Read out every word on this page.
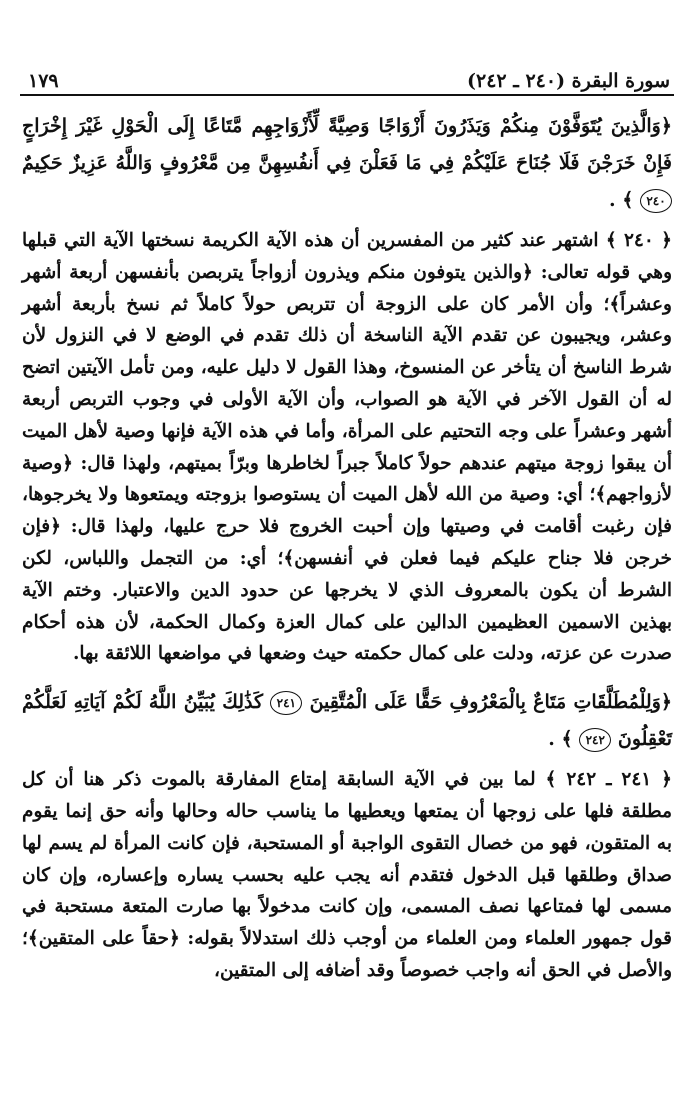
سورة البقرة (٢٤٠ ـ ٢٤٢)
١٧٩

﴿وَالَّذِينَ يُتَوَفَّوْنَ مِنكُمْ وَيَذَرُونَ أَزْوَاجًا وَصِيَّةً لِّأَزْوَاجِهِم مَّتَاعًا إِلَى الْحَوْلِ غَيْرَ إِخْرَاجٍ فَإِنْ خَرَجْنَ فَلَا جُنَاحَ عَلَيْكُمْ فِي مَا فَعَلْنَ فِي أَنفُسِهِنَّ مِن مَّعْرُوفٍ وَاللَّهُ عَزِيزٌ حَكِيمٌ ٢٤٠ ﴾ .

﴿ ٢٤٠ ﴾ اشتهر عند كثير من المفسرين أن هذه الآية الكريمة نسختها الآية التي قبلها وهي قوله تعالى: ﴿والذين يتوفون منكم ويذرون أزواجاً يتربصن بأنفسهن أربعة أشهر وعشراً﴾؛ وأن الأمر كان على الزوجة أن تتربص حولاً كاملاً ثم نسخ بأربعة أشهر وعشر، ويجيبون عن تقدم الآية الناسخة أن ذلك تقدم في الوضع لا في النزول لأن شرط الناسخ أن يتأخر عن المنسوخ، وهذا القول لا دليل عليه، ومن تأمل الآيتين اتضح له أن القول الآخر في الآية هو الصواب، وأن الآية الأولى في وجوب التربص أربعة أشهر وعشراً على وجه التحتيم على المرأة، وأما في هذه الآية فإنها وصية لأهل الميت أن يبقوا زوجة ميتهم عندهم حولاً كاملاً جبراً لخاطرها وبرّاً بميتهم، ولهذا قال: ﴿وصية لأزواجهم﴾؛ أي: وصية من الله لأهل الميت أن يستوصوا بزوجته ويمتعوها ولا يخرجوها، فإن رغبت أقامت في وصيتها وإن أحبت الخروج فلا حرج عليها، ولهذا قال: ﴿فإن خرجن فلا جناح عليكم فيما فعلن في أنفسهن﴾؛ أي: من التجمل واللباس، لكن الشرط أن يكون بالمعروف الذي لا يخرجها عن حدود الدين والاعتبار. وختم الآية بهذين الاسمين العظيمين الدالين على كمال العزة وكمال الحكمة، لأن هذه أحكام صدرت عن عزته، ودلت على كمال حكمته حيث وضعها في مواضعها اللائقة بها.

﴿وَلِلْمُطَلَّقَاتِ مَتَاعٌ بِالْمَعْرُوفِ حَقًّا عَلَى الْمُتَّقِينَ ٢٤١ كَذَٰلِكَ يُبَيِّنُ اللَّهُ لَكُمْ آيَاتِهِ لَعَلَّكُمْ تَعْقِلُونَ ٢٤٢ ﴾ .

﴿ ٢٤١ ـ ٢٤٢ ﴾ لما بين في الآية السابقة إمتاع المفارقة بالموت ذكر هنا أن كل مطلقة فلها على زوجها أن يمتعها ويعطيها ما يناسب حاله وحالها وأنه حق إنما يقوم به المتقون، فهو من خصال التقوى الواجبة أو المستحبة، فإن كانت المرأة لم يسم لها صداق وطلقها قبل الدخول فتقدم أنه يجب عليه بحسب يساره وإعساره، وإن كان مسمى لها فمتاعها نصف المسمى، وإن كانت مدخولاً بها صارت المتعة مستحبة في قول جمهور العلماء ومن العلماء من أوجب ذلك استدلالاً بقوله: ﴿حقاً على المتقين﴾؛ والأصل في الحق أنه واجب خصوصاً وقد أضافه إلى المتقين،
